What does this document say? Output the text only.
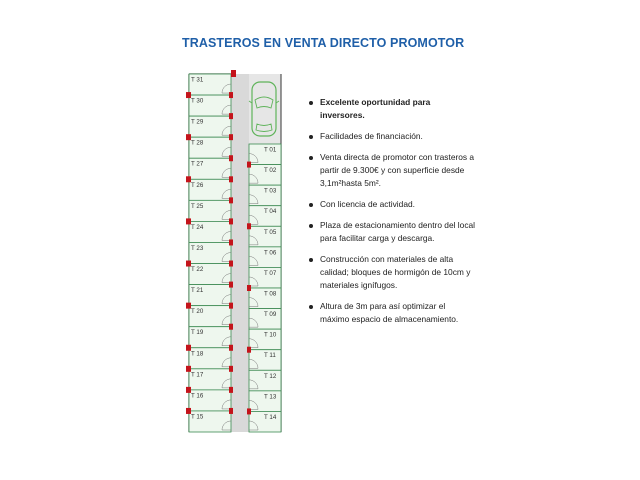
TRASTEROS EN VENTA DIRECTO PROMOTOR
T 31
T 30
T 29
T 28
T 27
T 26
T 25
T 24
T 23
T 22
T 21
T 20
T 19
T 18
T 17
T 16
T 15
T 01
T 02
T 03
T 04
T 05
T 06
T 07
T 08
T 09
T 10
T 11
T 12
T 13
T 14
Excelente oportunidad para inversores.
Facilidades de financiación.
Venta directa de promotor con trasteros a partir de 9.300€ y con superficie desde 3,1m²hasta 5m².
Con licencia de actividad.
Plaza de estacionamiento dentro del local para facilitar carga y descarga.
Construcción con materiales de alta calidad; bloques de hormigón de 10cm y materiales ignífugos.
Altura de 3m para así optimizar el máximo espacio de almacenamiento.
